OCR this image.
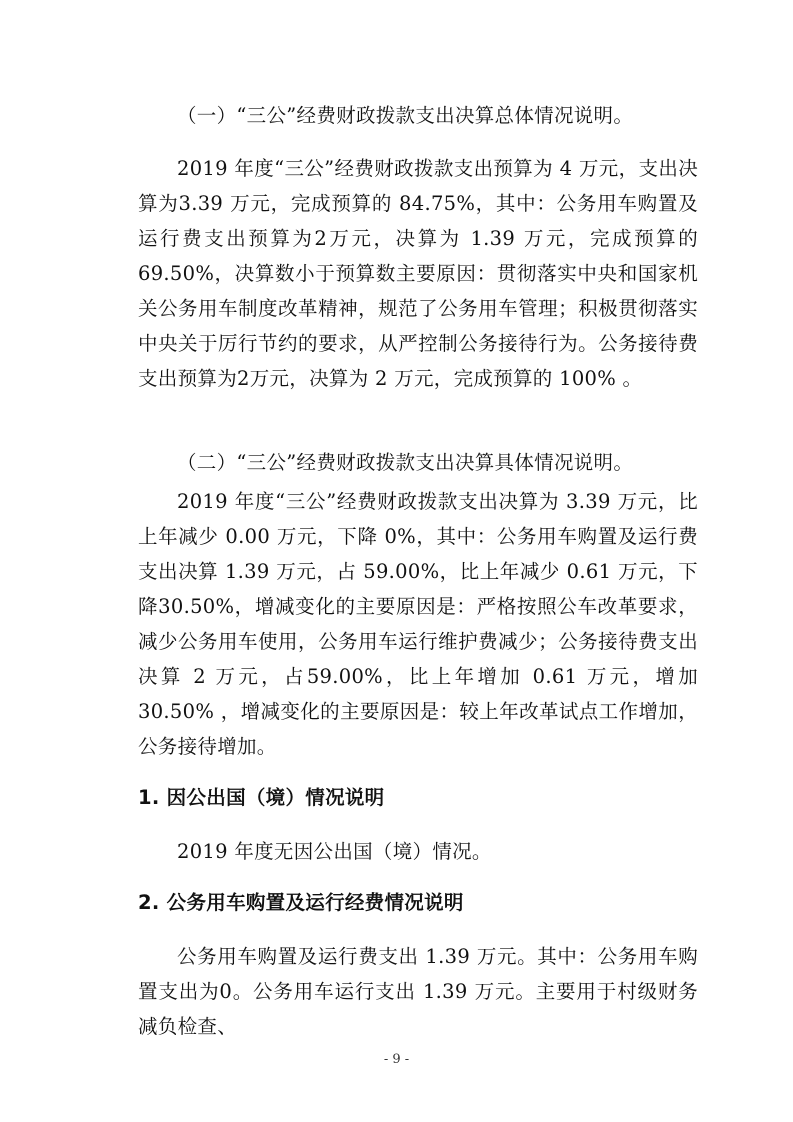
（一）“三公”经费财政拨款支出决算总体情况说明。

2019 年度“三公”经费财政拨款支出预算为 4 万元，支出决算为3.39 万元，完成预算的 84.75%，其中：公务用车购置及运行费支出预算为2万元，决算为 1.39 万元，完成预算的 69.50%，决算数小于预算数主要原因：贯彻落实中央和国家机关公务用车制度改革精神，规范了公务用车管理；积极贯彻落实中央关于厉行节约的要求，从严控制公务接待行为。公务接待费支出预算为2万元，决算为 2 万元，完成预算的 100% 。

（二）“三公”经费财政拨款支出决算具体情况说明。

2019 年度“三公”经费财政拨款支出决算为 3.39 万元，比上年减少 0.00 万元，下降 0%，其中：公务用车购置及运行费支出决算 1.39 万元，占 59.00%，比上年减少 0.61 万元，下降30.50%，增减变化的主要原因是：严格按照公车改革要求，减少公务用车使用，公务用车运行维护费减少；公务接待费支出决算 2 万元，占59.00%，比上年增加 0.61 万元，增加30.50% ，增减变化的主要原因是：较上年改革试点工作增加，公务接待增加。

1. 因公出国（境）情况说明

2019 年度无因公出国（境）情况。

2. 公务用车购置及运行经费情况说明

公务用车购置及运行费支出 1.39 万元。其中：公务用车购置支出为0。公务用车运行支出 1.39 万元。主要用于村级财务减负检查、

- 9 -
